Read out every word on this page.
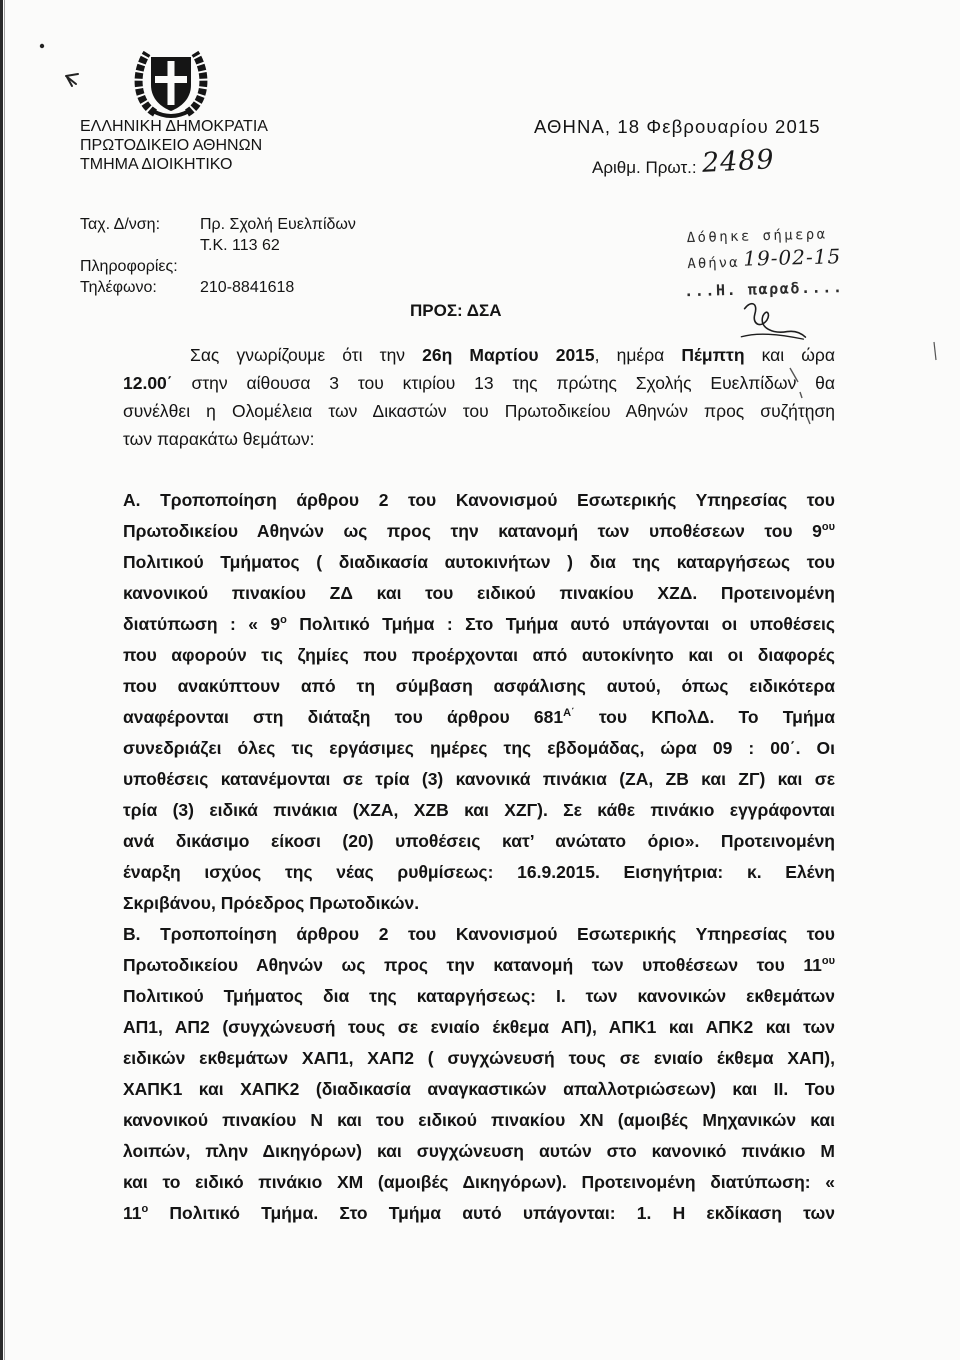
ΕΛΛΗΝΙΚΗ ΔΗΜΟΚΡΑΤΙΑ
ΠΡΩΤΟΔΙΚΕΙΟ ΑΘΗΝΩΝ
ΤΜΗΜΑ ΔΙΟΙΚΗΤΙΚΟ
ΑΘΗΝΑ, 18 Φεβρουαρίου 2015
Αριθμ. Πρωτ.: 2489
Ταχ. Δ/νση: Πρ. Σχολή Ευελπίδων
Τ.Κ. 113 62
Πληροφορίες:
Τηλέφωνο:	210-8841618
ΠΡΟΣ: ΔΣΑ
Δόθηκε σήμερα
Αθήνα 19-02-15
...Η. παραδ....
Σας γνωρίζουμε ότι την 26η Μαρτίου 2015, ημέρα Πέμπτη και ώρα
12.00΄ στην αίθουσα 3 του κτιρίου 13 της πρώτης Σχολής Ευελπίδων θα
συνέλθει η Ολομέλεια των Δικαστών του Πρωτοδικείου Αθηνών προς συζήτηση
των παρακάτω θεμάτων:
Α. Τροποποίηση άρθρου 2 του Κανονισμού Εσωτερικής Υπηρεσίας του
Πρωτοδικείου Αθηνών ως προς την κατανομή των υποθέσεων του $9^{o\upsilon}$
Πολιτικού Τμήματος ( διαδικασία αυτοκινήτων ) δια της καταργήσεως του
κανονικού πινακίου ΖΔ και του ειδικού πινακίου ΧΖΔ. Προτεινομένη
διατύπωση : « $9^o$ Πολιτικό Τμήμα : Στο Τμήμα αυτό υπάγονται οι υποθέσεις
που αφορούν τις ζημίες που προέρχονται από αυτοκίνητο και οι διαφορές
που ανακύπτουν από τη σύμβαση ασφάλισης αυτού, όπως ειδικότερα
αναφέρονται στη διάταξη του άρθρου $681^{A΄}$ του ΚΠολΔ. Το Τμήμα
συνεδριάζει όλες τις εργάσιμες ημέρες της εβδομάδας, ώρα 09 : 00΄. Οι
υποθέσεις κατανέμονται σε τρία (3) κανονικά πινάκια (ΖΑ, ΖΒ και ΖΓ) και σε
τρία (3) ειδικά πινάκια (ΧΖΑ, ΧΖΒ και ΧΖΓ). Σε κάθε πινάκιο εγγράφονται
ανά δικάσιμο είκοσι (20) υποθέσεις κατ’ ανώτατο όριο». Προτεινομένη
έναρξη ισχύος της νέας ρυθμίσεως: 16.9.2015. Εισηγήτρια: κ. Ελένη
Σκριβάνου, Πρόεδρος Πρωτοδικών.
Β. Τροποποίηση άρθρου 2 του Κανονισμού Εσωτερικής Υπηρεσίας του
Πρωτοδικείου Αθηνών ως προς την κατανομή των υποθέσεων του $11^{o\upsilon}$
Πολιτικού Τμήματος δια της καταργήσεως: Ι. των κανονικών εκθεμάτων
ΑΠ1, ΑΠ2 (συγχώνευσή τους σε ενιαίο έκθεμα ΑΠ), ΑΠΚ1 και ΑΠΚ2 και των
ειδικών εκθεμάτων ΧΑΠ1, ΧΑΠ2 ( συγχώνευσή τους σε ενιαίο έκθεμα ΧΑΠ),
ΧΑΠΚ1 και ΧΑΠΚ2 (διαδικασία αναγκαστικών απαλλοτριώσεων) και ΙΙ. Του
κανονικού πινακίου Ν και του ειδικού πινακίου ΧΝ (αμοιβές Μηχανικών και
λοιπών, πλην Δικηγόρων) και συγχώνευση αυτών στο κανονικό πινάκιο Μ
και το ειδικό πινάκιο ΧΜ (αμοιβές Δικηγόρων). Προτεινομένη διατύπωση: «
$11^o$ Πολιτικό Τμήμα. Στο Τμήμα αυτό υπάγονται: 1. Η εκδίκαση των
